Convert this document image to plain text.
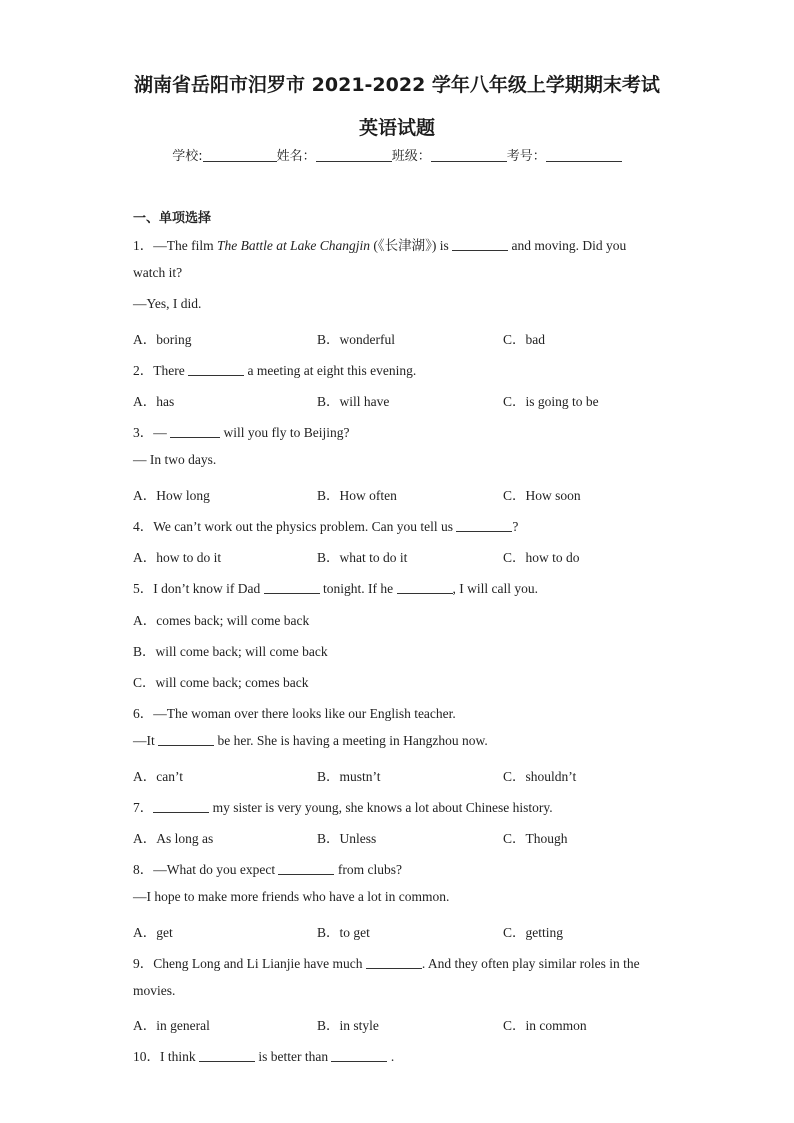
湖南省岳阳市汨罗市 2021-2022 学年八年级上学期期末考试
英语试题
学校:	姓名：	班级：	考号：
一、单项选择
1．—The film The Battle at Lake Changjin (《长津湖》) is	and moving. Did you
watch it?
—Yes, I did.
A．boring	B．wonderful	C．bad
2．There	a meeting at eight this evening.
A．has	B．will have	C．is going to be
3．—	will you fly to Beijing?
— In two days.
A．How long	B．How often	C．How soon
4．We can’t work out the physics problem. Can you tell us	?
A．how to do it	B．what to do it	C．how to do
5．I don’t know if Dad	tonight. If he	, I will call you.
A．comes back; will come back
B．will come back; will come back
C．will come back; comes back
6．—The woman over there looks like our English teacher.
—It	be her. She is having a meeting in Hangzhou now.
A．can’t	B．mustn’t	C．shouldn’t
7．	my sister is very young, she knows a lot about Chinese history.
A．As long as	B．Unless	C．Though
8．—What do you expect	from clubs?
—I hope to make more friends who have a lot in common.
A．get	B．to get	C．getting
9．Cheng Long and Li Lianjie have much	. And they often play similar roles in the
movies.
A．in general	B．in style	C．in common
10．I think	is better than	.
